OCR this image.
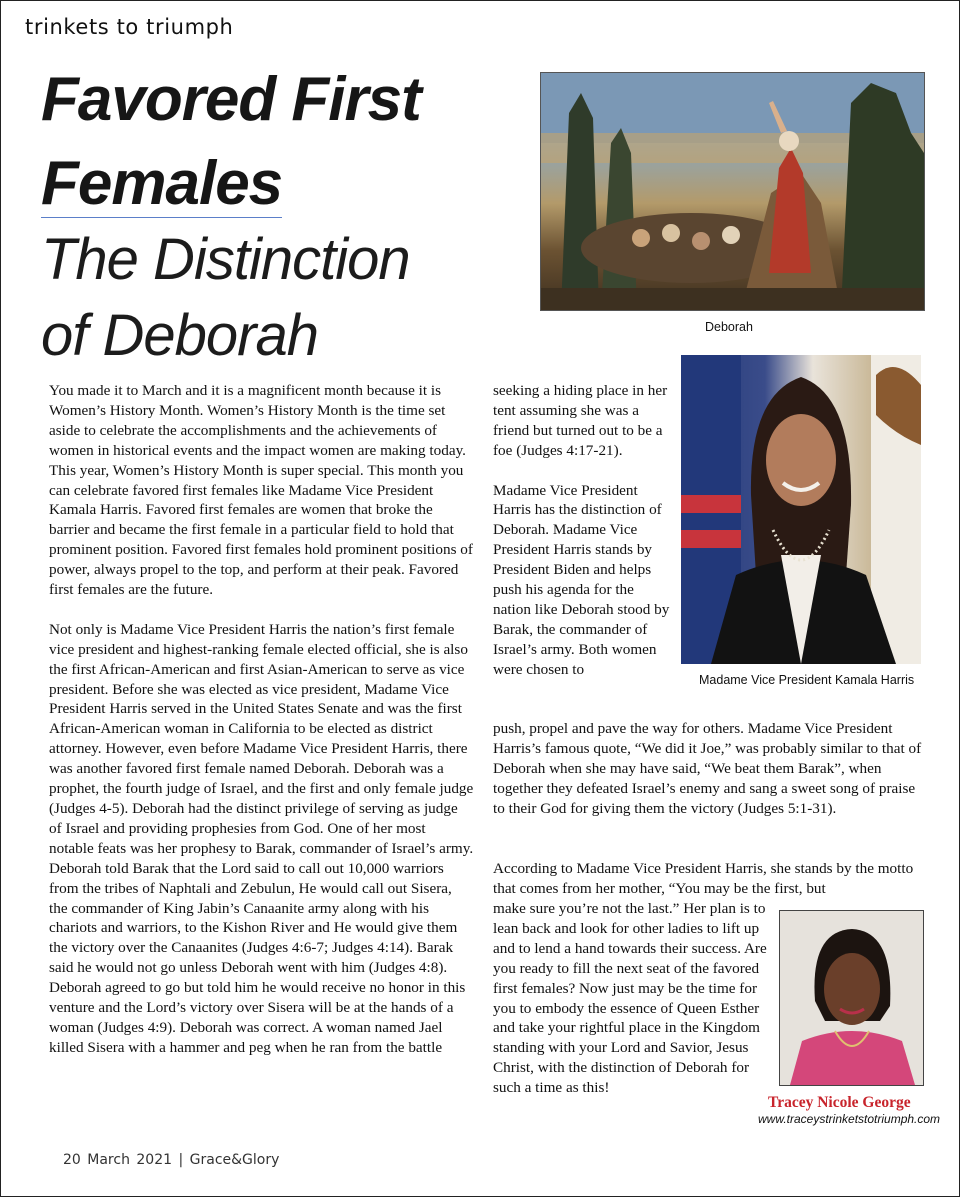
trinkets to triumph
Favored First
Females
The Distinction
of Deborah	Deborah
Madame Vice President Kamala Harris

You made it to March and it is a magnificent month because it is Women’s History Month. Women’s History Month is the time set aside to celebrate the accomplishments and the achievements of women in historical events and the impact women are making today. This year, Women’s History Month is super special. This month you can celebrate favored first females like Madame Vice President Kamala Harris. Favored first females are women that broke the barrier and became the first female in a particular field to hold that prominent position. Favored first females hold prominent positions of power, always propel to the top, and perform at their peak. Favored first females are the future.

Not only is Madame Vice President Harris the nation’s first female vice president and highest-ranking female elected official, she is also the first African-American and first Asian-American to serve as vice president. Before she was elected as vice president, Madame Vice President Harris served in the United States Senate and was the first African-American woman in California to be elected as district attorney. However, even before Madame Vice President Harris, there was another favored first female named Deborah. Deborah was a prophet, the fourth judge of Israel, and the first and only female judge (Judges 4-5). Deborah had the distinct privilege of serving as judge of Israel and providing prophesies from God. One of her most notable feats was her prophesy to Barak, commander of Israel’s army. Deborah told Barak that the Lord said to call out 10,000 warriors from the tribes of Naphtali and Zebulun, He would call out Sisera, the commander of King Jabin’s Canaanite army along with his chariots and warriors, to the Kishon River and He would give them the victory over the Canaanites (Judges 4:6-7; Judges 4:14). Barak said he would not go unless Deborah went with him (Judges 4:8). Deborah agreed to go but told him he would receive no honor in this venture and the Lord’s victory over Sisera will be at the hands of a woman (Judges 4:9). Deborah was correct. A woman named Jael killed Sisera with a hammer and peg when he ran from the battle

seeking a hiding place in her tent assuming she was a friend but turned out to be a foe (Judges 4:17-21).

Madame Vice President Harris has the distinction of Deborah. Madame Vice President Harris stands by President Biden and helps push his agenda for the nation like Deborah stood by Barak, the commander of Israel’s army. Both women were chosen to

push, propel and pave the way for others. Madame Vice President Harris’s famous quote, “We did it Joe,” was probably similar to that of Deborah when she may have said, “We beat them Barak”, when together they defeated Israel’s enemy and sang a sweet song of praise to their God for giving them the victory (Judges 5:1-31).

According to Madame Vice President Harris, she stands by the motto that comes from her mother, “You may be the first, but

make sure you’re not the last.” Her plan is to lean back and look for other ladies to lift up and to lend a hand towards their success. Are you ready to fill the next seat of the favored first females? Now just may be the time for you to embody the essence of Queen Esther and take your rightful place in the Kingdom standing with your Lord and Savior, Jesus Christ, with the distinction of Deborah for such a time as this!

Tracey Nicole George
www.traceystrinketstotriumph.com
20 March 2021 | Grace&Glory
